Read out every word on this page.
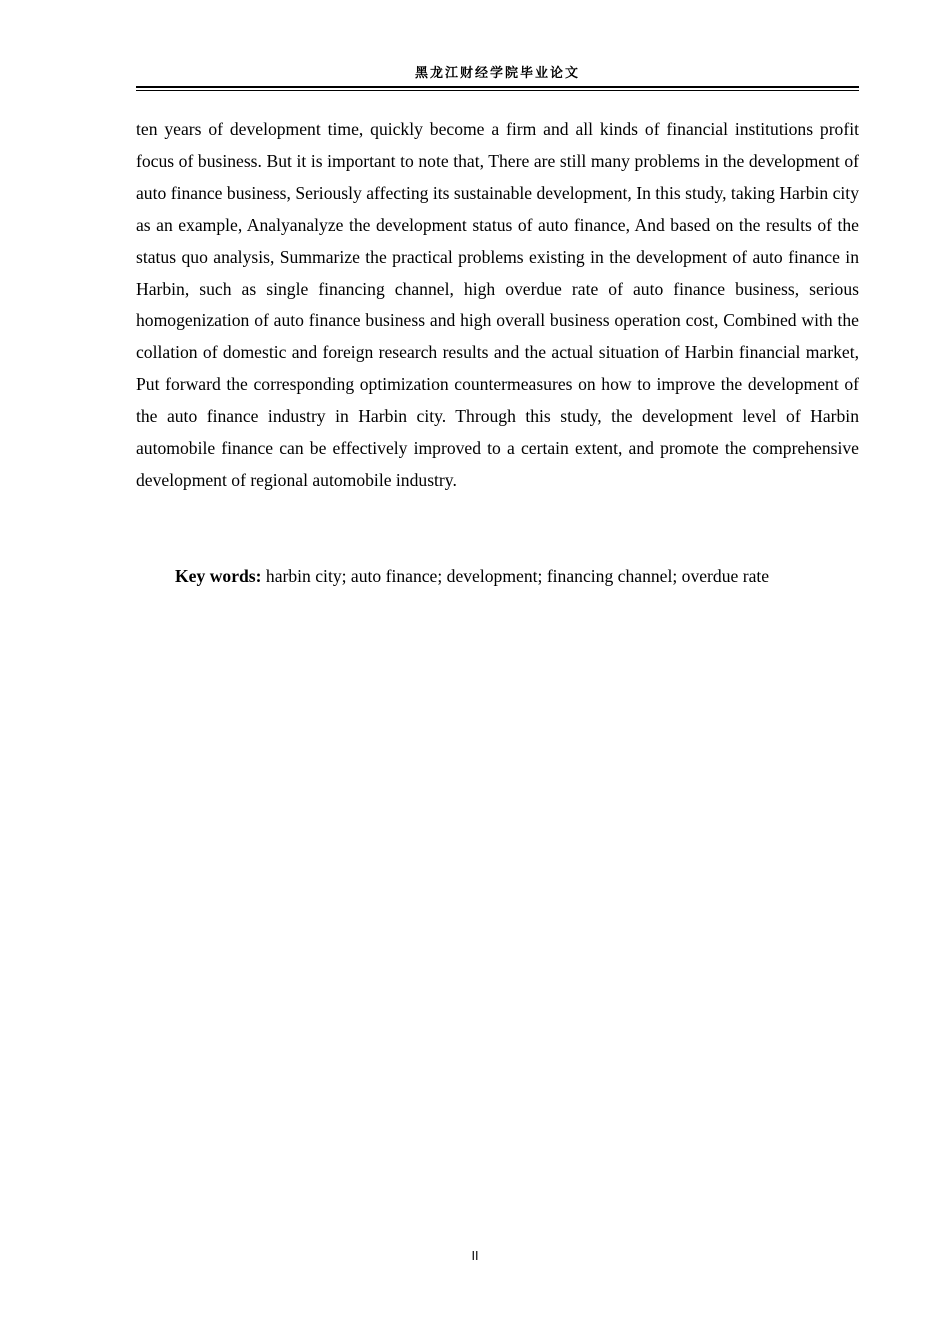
黑龙江财经学院毕业论文

ten years of development time, quickly become a firm and all kinds of financial institutions profit focus of business. But it is important to note that, There are still many problems in the development of auto finance business, Seriously affecting its sustainable development, In this study, taking Harbin city as an example, Analyanalyze the development status of auto finance, And based on the results of the status quo analysis, Summarize the practical problems existing in the development of auto finance in Harbin, such as single financing channel, high overdue rate of auto finance business, serious homogenization of auto finance business and high overall business operation cost, Combined with the collation of domestic and foreign research results and the actual situation of Harbin financial market, Put forward the corresponding optimization countermeasures on how to improve the development of the auto finance industry in Harbin city. Through this study, the development level of Harbin automobile finance can be effectively improved to a certain extent, and promote the comprehensive development of regional automobile industry.

Key words: harbin city; auto finance; development; financing channel; overdue rate

II
